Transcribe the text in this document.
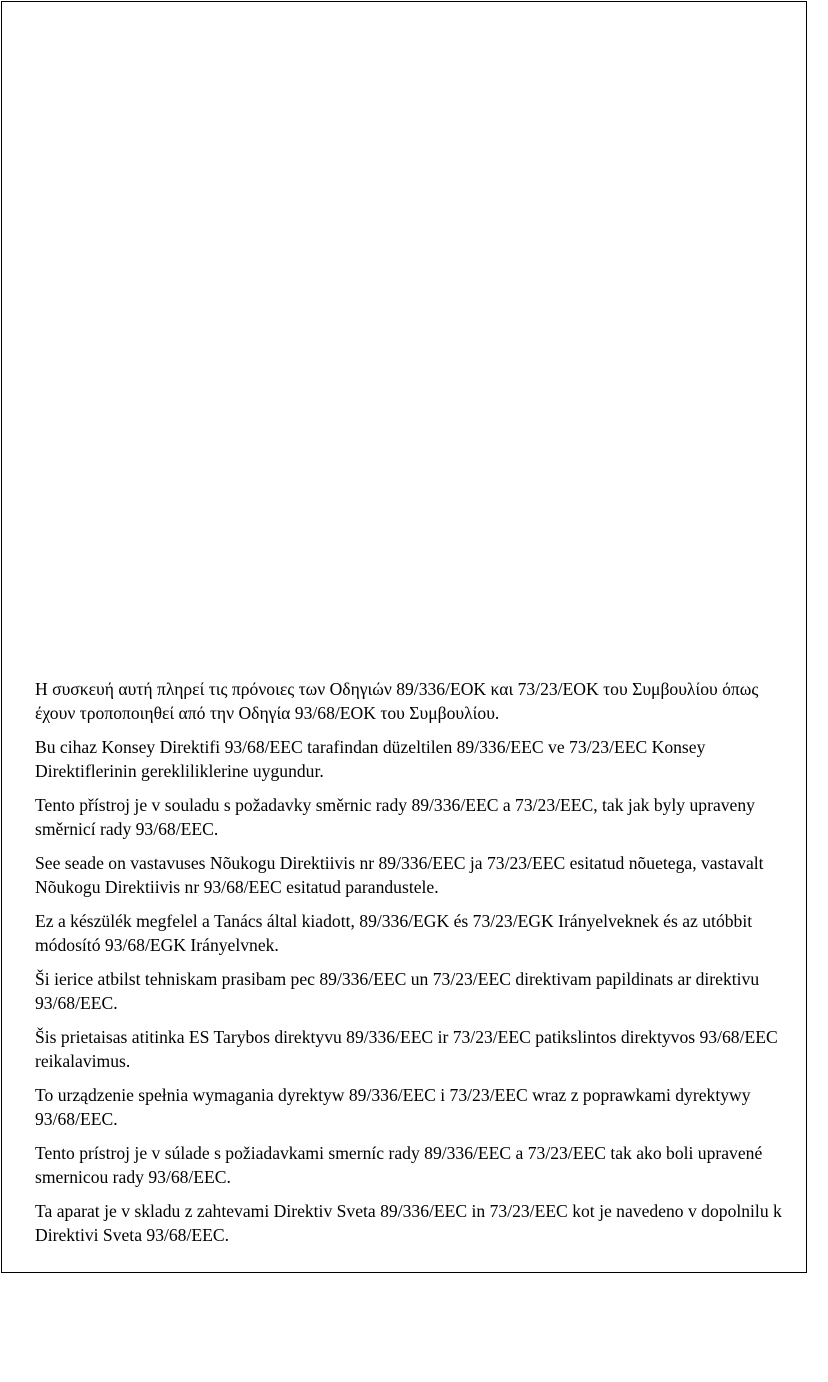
Η συσκευή αυτή πληρεί τις πρόνοιες των Οδηγιών 89/336/ΕΟΚ και 73/23/ΕΟΚ του Συμβουλίου όπως έχουν τροποποιηθεί από την Οδηγία 93/68/ΕΟΚ του Συμβουλίου.

Bu cihaz Konsey Direktifi 93/68/EEC tarafindan düzeltilen 89/336/EEC ve 73/23/EEC Konsey Direktiflerinin gerekliliklerine uygundur.

Tento přístroj je v souladu s požadavky směrnic rady 89/336/EEC a 73/23/EEC, tak jak byly upraveny směrnicí rady 93/68/EEC.

See seade on vastavuses Nõukogu Direktiivis nr 89/336/EEC ja 73/23/EEC esitatud nõuetega, vastavalt Nõukogu Direktiivis nr 93/68/EEC esitatud parandustele.

Ez a készülék megfelel a Tanács által kiadott, 89/336/EGK és 73/23/EGK Irányelveknek és az utóbbit módosító 93/68/EGK Irányelvnek.

Ši ierice atbilst tehniskam prasibam pec 89/336/EEC un 73/23/EEC direktivam papildinats ar direktivu 93/68/EEC.

Šis prietaisas atitinka ES Tarybos direktyvu 89/336/EEC ir 73/23/EEC patikslintos direktyvos 93/68/EEC reikalavimus.

To urządzenie spełnia wymagania dyrektyw 89/336/EEC i 73/23/EEC wraz z poprawkami dyrektywy 93/68/EEC.

Tento prístroj je v súlade s požiadavkami smerníc rady 89/336/EEC a 73/23/EEC tak ako boli upravené smernicou rady 93/68/EEC.

Ta aparat je v skladu z zahtevami Direktiv Sveta 89/336/EEC in 73/23/EEC kot je navedeno v dopolnilu k Direktivi Sveta 93/68/EEC.
